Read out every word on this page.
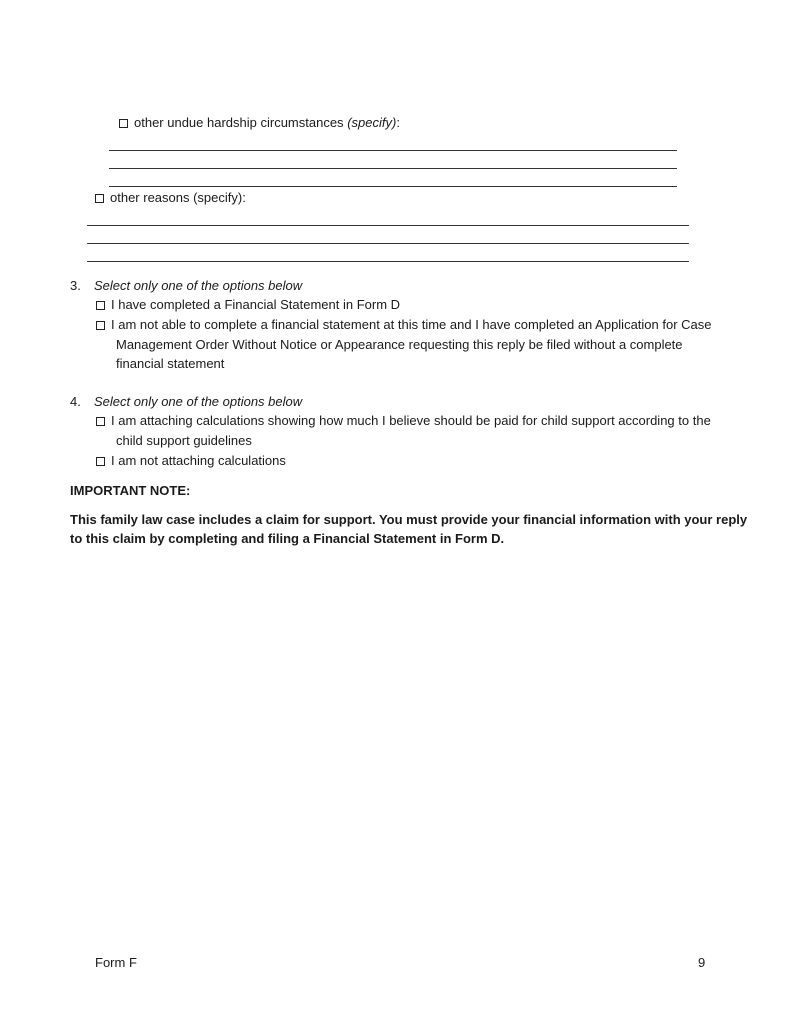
other undue hardship circumstances (specify):
other reasons (specify):
3.	Select only one of the options below
I have completed a Financial Statement in Form D
I am not able to complete a financial statement at this time and I have completed an Application for Case
Management Order Without Notice or Appearance requesting this reply be filed without a complete
financial statement
4.	Select only one of the options below
I am attaching calculations showing how much I believe should be paid for child support according to the
child support guidelines
I am not attaching calculations
IMPORTANT NOTE:
This family law case includes a claim for support. You must provide your financial information with your reply
to this claim by completing and filing a Financial Statement in Form D.
Form F	9
